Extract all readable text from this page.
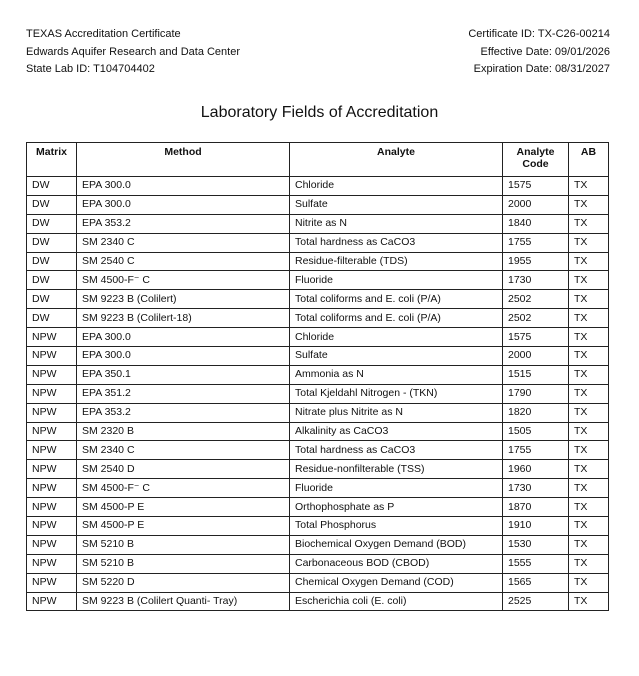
TEXAS Accreditation Certificate
Edwards Aquifer Research and Data Center
State Lab ID: T104704402
Certificate ID: TX-C26-00214
Effective Date: 09/01/2026
Expiration Date: 08/31/2027
Laboratory Fields of Accreditation
Matrix	Method	Analyte	Analyte Code	AB
DW	EPA 300.0	Chloride	1575	TX
DW	EPA 300.0	Sulfate	2000	TX
DW	EPA 353.2	Nitrite as N	1840	TX
DW	SM 2340 C	Total hardness as CaCO3	1755	TX
DW	SM 2540 C	Residue-filterable (TDS)	1955	TX
DW	SM 4500-F⁻ C	Fluoride	1730	TX
DW	SM 9223 B (Colilert)	Total coliforms and E. coli (P/A)	2502	TX
DW	SM 9223 B (Colilert-18)	Total coliforms and E. coli (P/A)	2502	TX
NPW	EPA 300.0	Chloride	1575	TX
NPW	EPA 300.0	Sulfate	2000	TX
NPW	EPA 350.1	Ammonia as N	1515	TX
NPW	EPA 351.2	Total Kjeldahl Nitrogen - (TKN)	1790	TX
NPW	EPA 353.2	Nitrate plus Nitrite as N	1820	TX
NPW	SM 2320 B	Alkalinity as CaCO3	1505	TX
NPW	SM 2340 C	Total hardness as CaCO3	1755	TX
NPW	SM 2540 D	Residue-nonfilterable (TSS)	1960	TX
NPW	SM 4500-F⁻ C	Fluoride	1730	TX
NPW	SM 4500-P E	Orthophosphate as P	1870	TX
NPW	SM 4500-P E	Total Phosphorus	1910	TX
NPW	SM 5210 B	Biochemical Oxygen Demand (BOD)	1530	TX
NPW	SM 5210 B	Carbonaceous BOD (CBOD)	1555	TX
NPW	SM 5220 D	Chemical Oxygen Demand (COD)	1565	TX
NPW	SM 9223 B (Colilert Quanti- Tray)	Escherichia coli (E. coli)	2525	TX
